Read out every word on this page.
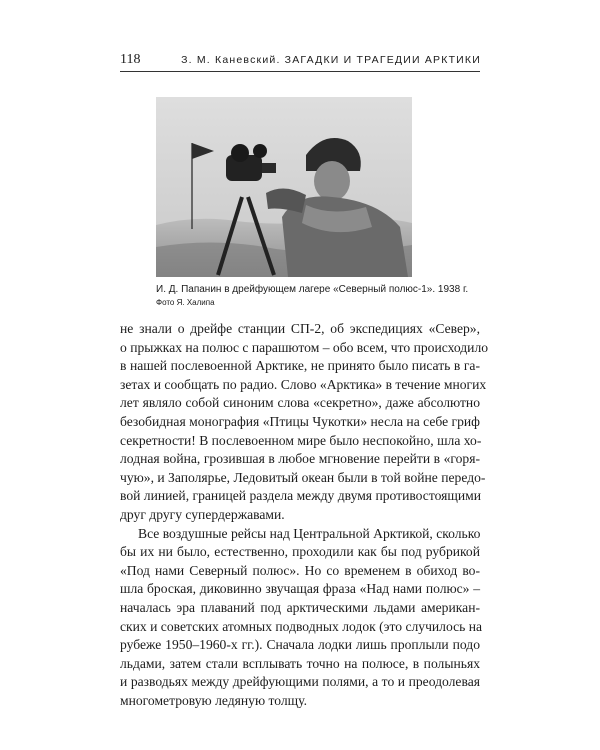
118	З. М. Каневский. ЗАГАДКИ И ТРАГЕДИИ АРКТИКИ
И. Д. Папанин в дрейфующем лагере «Северный полюс-1». 1938 г.
Фото Я. Халипа
не знали о дрейфе станции СП-2, об экспедициях «Север»,
о прыжках на полюс с парашютом – обо всем, что происходило
в нашей послевоенной Арктике, не принято было писать в га-
зетах и сообщать по радио. Слово «Арктика» в течение многих
лет являло собой синоним слова «секретно», даже абсолютно
безобидная монография «Птицы Чукотки» несла на себе гриф
секретности! В послевоенном мире было неспокойно, шла хо-
лодная война, грозившая в любое мгновение перейти в «горя-
чую», и Заполярье, Ледовитый океан были в той войне передо-
вой линией, границей раздела между двумя противостоящими
друг другу супердержавами.
Все воздушные рейсы над Центральной Арктикой, сколько
бы их ни было, естественно, проходили как бы под рубрикой
«Под нами Северный полюс». Но со временем в обиход во-
шла броская, диковинно звучащая фраза «Над нами полюс» –
началась эра плаваний под арктическими льдами американ-
ских и советских атомных подводных лодок (это случилось на
рубеже 1950–1960-х гг.). Сначала лодки лишь проплыли подо
льдами, затем стали всплывать точно на полюсе, в полыньях
и разводьях между дрейфующими полями, а то и преодолевая
многометровую ледяную толщу.
